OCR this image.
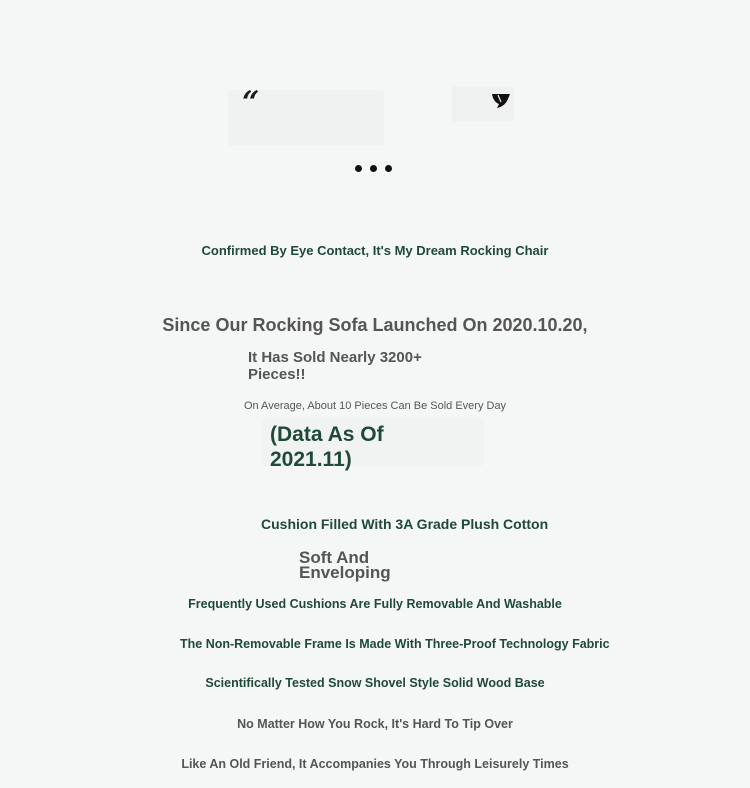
“
Confirmed By Eye Contact, It's My Dream Rocking Chair
Since Our Rocking Sofa Launched On 2020.10.20,
It Has Sold Nearly 3200+ Pieces!!
On Average, About 10 Pieces Can Be Sold Every Day
(Data As Of 2021.11)
Cushion Filled With 3A Grade Plush Cotton
Soft And Enveloping
Frequently Used Cushions Are Fully Removable And Washable
The Non-Removable Frame Is Made With Three-Proof Technology Fabric
Scientifically Tested Snow Shovel Style Solid Wood Base
No Matter How You Rock, It's Hard To Tip Over
Like An Old Friend, It Accompanies You Through Leisurely Times
